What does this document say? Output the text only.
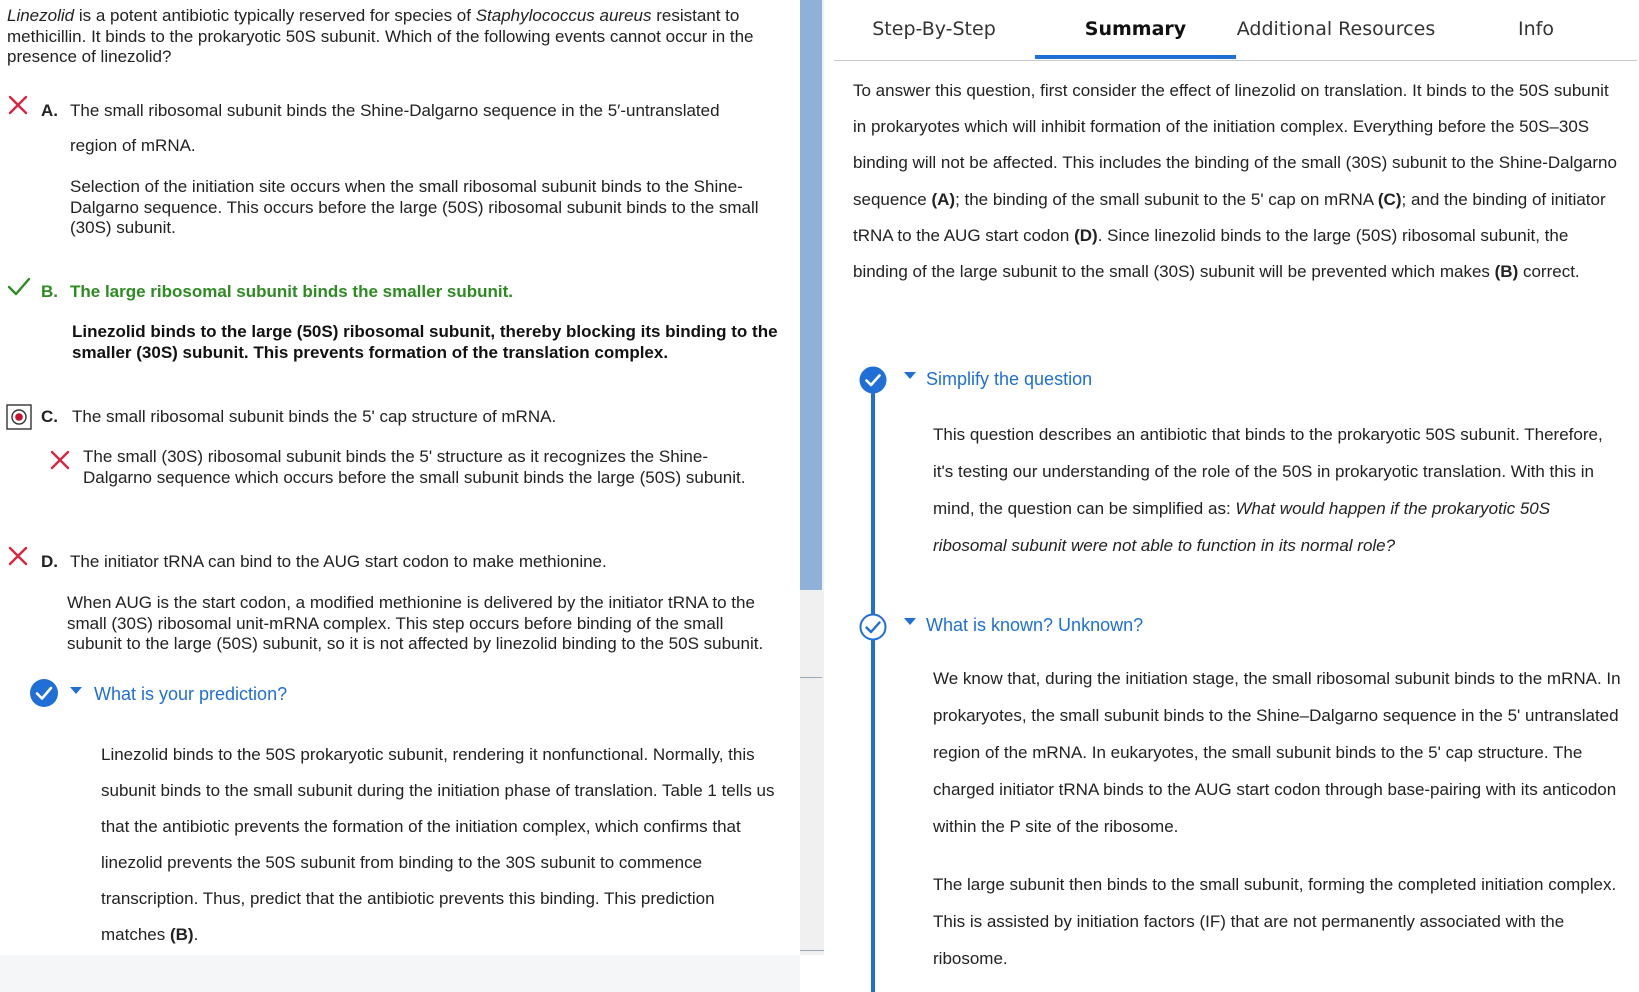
Linezolid is a potent antibiotic typically reserved for species of Staphylococcus aureus resistant to methicillin. It binds to the prokaryotic 50S subunit. Which of the following events cannot occur in the presence of linezolid?
A. The small ribosomal subunit binds the Shine-Dalgarno sequence in the 5′-untranslated
region of mRNA.
Selection of the initiation site occurs when the small ribosomal subunit binds to the Shine-Dalgarno sequence. This occurs before the large (50S) ribosomal subunit binds to the small (30S) subunit.
B. The large ribosomal subunit binds the smaller subunit.
Linezolid binds to the large (50S) ribosomal subunit, thereby blocking its binding to the smaller (30S) subunit. This prevents formation of the translation complex.
C. The small ribosomal subunit binds the 5' cap structure of mRNA.
The small (30S) ribosomal subunit binds the 5' structure as it recognizes the Shine-Dalgarno sequence which occurs before the small subunit binds the large (50S) subunit.
D. The initiator tRNA can bind to the AUG start codon to make methionine.
When AUG is the start codon, a modified methionine is delivered by the initiator tRNA to the small (30S) ribosomal unit-mRNA complex. This step occurs before binding of the small subunit to the large (50S) subunit, so it is not affected by linezolid binding to the 50S subunit.
What is your prediction?
Linezolid binds to the 50S prokaryotic subunit, rendering it nonfunctional. Normally, this subunit binds to the small subunit during the initiation phase of translation. Table 1 tells us that the antibiotic prevents the formation of the initiation complex, which confirms that linezolid prevents the 50S subunit from binding to the 30S subunit to commence transcription. Thus, predict that the antibiotic prevents this binding. This prediction matches (B).
Step-By-Step	Summary	Additional Resources	Info
To answer this question, first consider the effect of linezolid on translation. It binds to the 50S subunit in prokaryotes which will inhibit formation of the initiation complex. Everything before the 50S–30S binding will not be affected. This includes the binding of the small (30S) subunit to the Shine-Dalgarno sequence (A); the binding of the small subunit to the 5' cap on mRNA (C); and the binding of initiator tRNA to the AUG start codon (D). Since linezolid binds to the large (50S) ribosomal subunit, the binding of the large subunit to the small (30S) subunit will be prevented which makes (B) correct.
Simplify the question
This question describes an antibiotic that binds to the prokaryotic 50S subunit. Therefore, it's testing our understanding of the role of the 50S in prokaryotic translation. With this in mind, the question can be simplified as: What would happen if the prokaryotic 50S ribosomal subunit were not able to function in its normal role?
What is known? Unknown?
We know that, during the initiation stage, the small ribosomal subunit binds to the mRNA. In prokaryotes, the small subunit binds to the Shine–Dalgarno sequence in the 5' untranslated region of the mRNA. In eukaryotes, the small subunit binds to the 5' cap structure. The charged initiator tRNA binds to the AUG start codon through base-pairing with its anticodon within the P site of the ribosome.
The large subunit then binds to the small subunit, forming the completed initiation complex. This is assisted by initiation factors (IF) that are not permanently associated with the ribosome.
